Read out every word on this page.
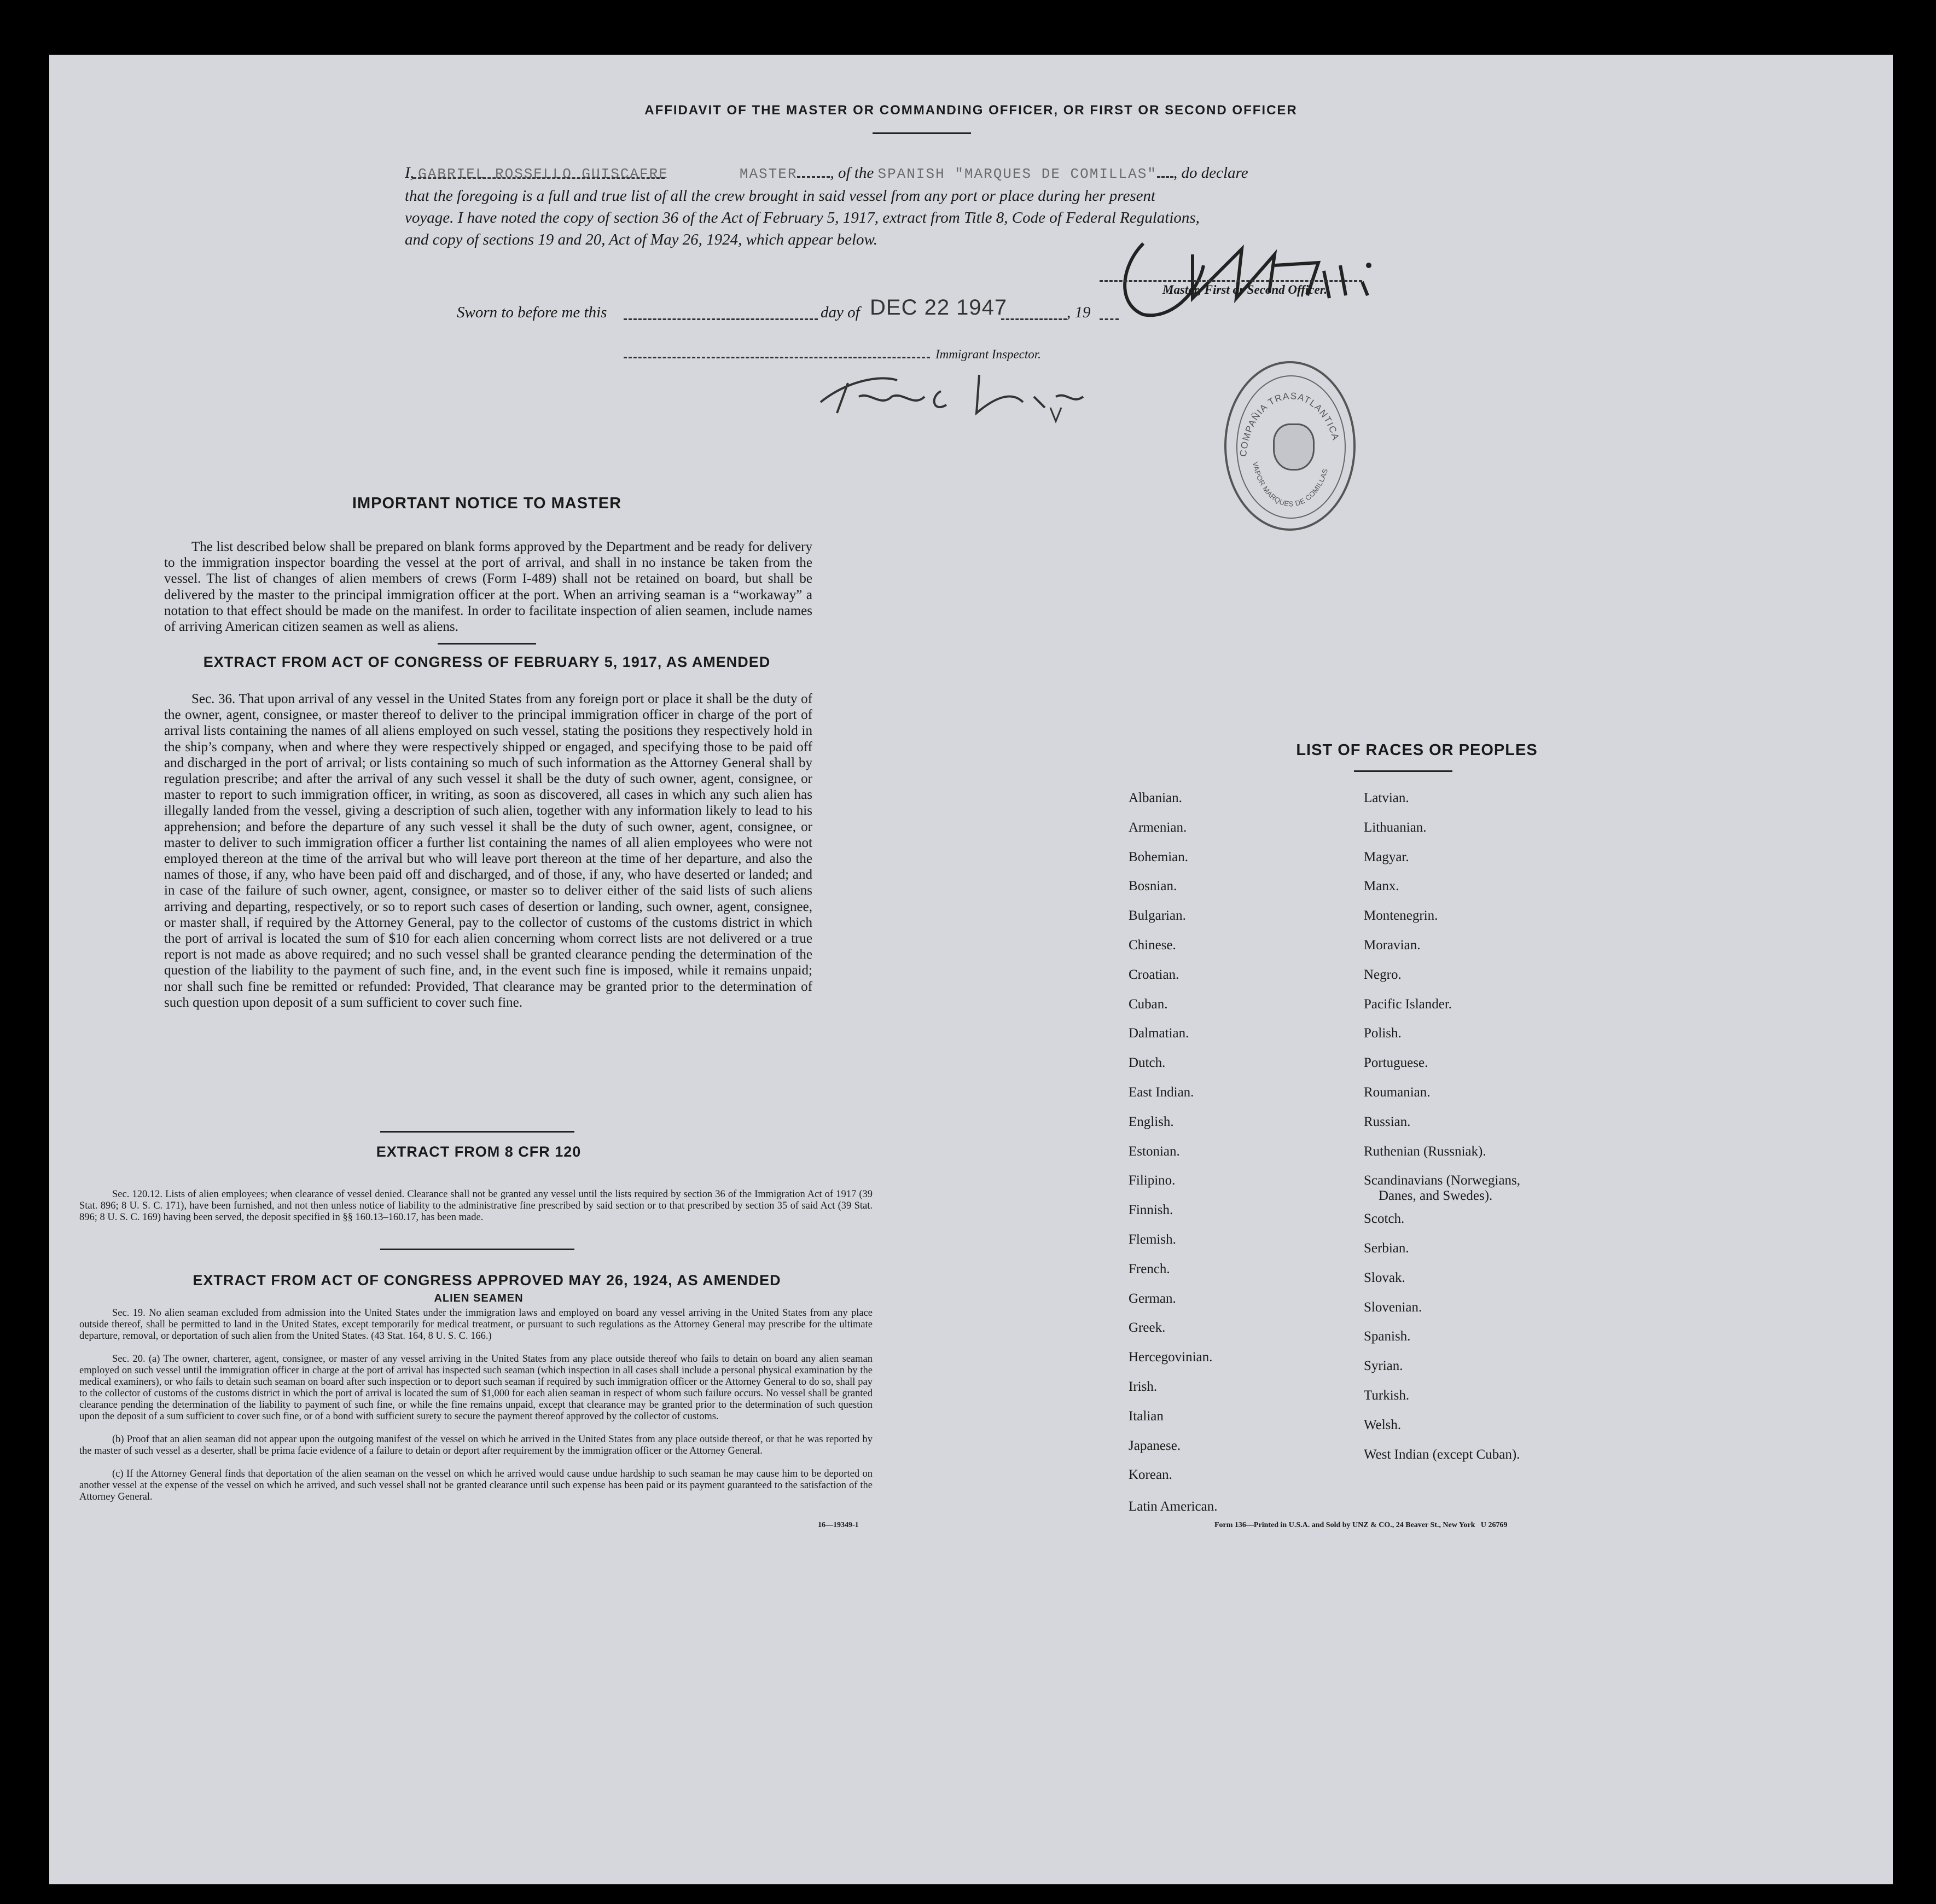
AFFIDAVIT OF THE MASTER OR COMMANDING OFFICER, OR FIRST OR SECOND OFFICER
I, GABRIEL ROSSELLO GUISCAFRE	MASTER , of the SPANISH "MARQUES DE COMILLAS" , do declare
that the foregoing is a full and true list of all the crew brought in said vessel from any port or place during her present
voyage. I have noted the copy of section 36 of the Act of February 5, 1917, extract from Title 8, Code of Federal Regulations,
and copy of sections 19 and 20, Act of May 26, 1924, which appear below.
Master, First or Second Officer.
Sworn to before me this	day of DEC 22 1947	, 19
Immigrant Inspector.
COMPAÑIA TRASATLANTICA
VAPOR MARQUES DE COMILLAS
IMPORTANT NOTICE TO MASTER
The list described below shall be prepared on blank forms approved by the Department and be ready for delivery to the immigration inspector boarding the vessel at the port of arrival, and shall in no instance be taken from the vessel. The list of changes of alien members of crews (Form I-489) shall not be retained on board, but shall be delivered by the master to the principal immigration officer at the port. When an arriving seaman is a “workaway” a notation to that effect should be made on the manifest. In order to facilitate inspection of alien seamen, include names of arriving American citizen seamen as well as aliens.
EXTRACT FROM ACT OF CONGRESS OF FEBRUARY 5, 1917, AS AMENDED
Sec. 36. That upon arrival of any vessel in the United States from any foreign port or place it shall be the duty of the owner, agent, consignee, or master thereof to deliver to the principal immigration officer in charge of the port of arrival lists containing the names of all aliens employed on such vessel, stating the positions they respectively hold in the ship’s company, when and where they were respectively shipped or engaged, and specifying those to be paid off and discharged in the port of arrival; or lists containing so much of such information as the Attorney General shall by regulation prescribe; and after the arrival of any such vessel it shall be the duty of such owner, agent, consignee, or master to report to such immigration officer, in writing, as soon as discovered, all cases in which any such alien has illegally landed from the vessel, giving a description of such alien, together with any information likely to lead to his apprehension; and before the departure of any such vessel it shall be the duty of such owner, agent, consignee, or master to deliver to such immigration officer a further list containing the names of all alien employees who were not employed thereon at the time of the arrival but who will leave port thereon at the time of her departure, and also the names of those, if any, who have been paid off and discharged, and of those, if any, who have deserted or landed; and in case of the failure of such owner, agent, consignee, or master so to deliver either of the said lists of such aliens arriving and departing, respectively, or so to report such cases of desertion or landing, such owner, agent, consignee, or master shall, if required by the Attorney General, pay to the collector of customs of the customs district in which the port of arrival is located the sum of $10 for each alien concerning whom correct lists are not delivered or a true report is not made as above required; and no such vessel shall be granted clearance pending the determination of the question of the liability to the payment of such fine, and, in the event such fine is imposed, while it remains unpaid; nor shall such fine be remitted or refunded: Provided, That clearance may be granted prior to the determination of such question upon deposit of a sum sufficient to cover such fine.
EXTRACT FROM 8 CFR 120
Sec. 120.12. Lists of alien employees; when clearance of vessel denied. Clearance shall not be granted any vessel until the lists required by section 36 of the Immigration Act of 1917 (39 Stat. 896; 8 U. S. C. 171), have been furnished, and not then unless notice of liability to the administrative fine prescribed by said section or to that prescribed by section 35 of said Act (39 Stat. 896; 8 U. S. C. 169) having been served, the deposit specified in §§ 160.13–160.17, has been made.
EXTRACT FROM ACT OF CONGRESS APPROVED MAY 26, 1924, AS AMENDED
ALIEN SEAMEN
Sec. 19. No alien seaman excluded from admission into the United States under the immigration laws and employed on board any vessel arriving in the United States from any place outside thereof, shall be permitted to land in the United States, except temporarily for medical treatment, or pursuant to such regulations as the Attorney General may prescribe for the ultimate departure, removal, or deportation of such alien from the United States. (43 Stat. 164, 8 U. S. C. 166.)
Sec. 20. (a) The owner, charterer, agent, consignee, or master of any vessel arriving in the United States from any place outside thereof who fails to detain on board any alien seaman employed on such vessel until the immigration officer in charge at the port of arrival has inspected such seaman (which inspection in all cases shall include a personal physical examination by the medical examiners), or who fails to detain such seaman on board after such inspection or to deport such seaman if required by such immigration officer or the Attorney General to do so, shall pay to the collector of customs of the customs district in which the port of arrival is located the sum of $1,000 for each alien seaman in respect of whom such failure occurs. No vessel shall be granted clearance pending the determination of the liability to payment of such fine, or while the fine remains unpaid, except that clearance may be granted prior to the determination of such question upon the deposit of a sum sufficient to cover such fine, or of a bond with sufficient surety to secure the payment thereof approved by the collector of customs.
(b) Proof that an alien seaman did not appear upon the outgoing manifest of the vessel on which he arrived in the United States from any place outside thereof, or that he was reported by the master of such vessel as a deserter, shall be prima facie evidence of a failure to detain or deport after requirement by the immigration officer or the Attorney General.
(c) If the Attorney General finds that deportation of the alien seaman on the vessel on which he arrived would cause undue hardship to such seaman he may cause him to be deported on another vessel at the expense of the vessel on which he arrived, and such vessel shall not be granted clearance until such expense has been paid or its payment guaranteed to the satisfaction of the Attorney General.
16—19349-1
LIST OF RACES OR PEOPLES
Albanian.
Armenian.
Bohemian.
Bosnian.
Bulgarian.
Chinese.
Croatian.
Cuban.
Dalmatian.
Dutch.
East Indian.
English.
Estonian.
Filipino.
Finnish.
Flemish.
French.
German.
Greek.
Hercegovinian.
Irish.
Italian
Japanese.
Korean.
Latin American.
Latvian.
Lithuanian.
Magyar.
Manx.
Montenegrin.
Moravian.
Negro.
Pacific Islander.
Polish.
Portuguese.
Roumanian.
Russian.
Ruthenian (Russniak).
Scandinavians (Norwegians,
Danes, and Swedes).
Scotch.
Serbian.
Slovak.
Slovenian.
Spanish.
Syrian.
Turkish.
Welsh.
West Indian (except Cuban).
Form 136—Printed in U.S.A. and Sold by UNZ & CO., 24 Beaver St., New York   U 26769
